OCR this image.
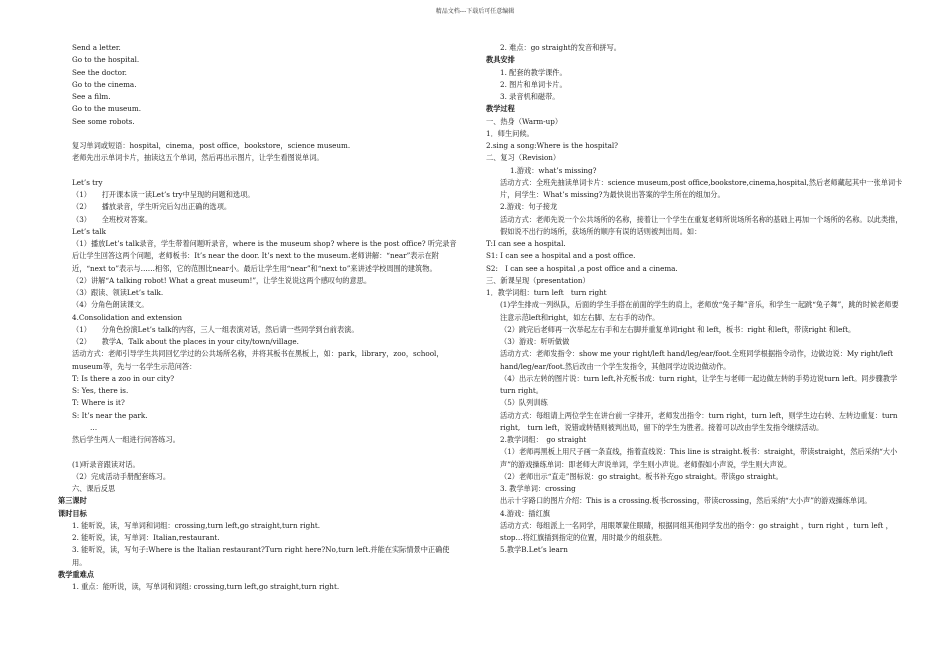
精品文档---下载后可任意编辑
Send a letter.
Go to the hospital.
See the doctor.
Go to the cinema.
See a film.
Go to the museum.
See some robots.
复习单词或短语：hospital，cinema，post office，bookstore，science museum.
老师先出示单词卡片，抽读这五个单词，然后再出示图片，让学生看图说单词。
Let’s try
（1）　　打开课本读一读Let’s try中呈现的问题和选项。
（2）　　播放录音，学生听完后勾出正确的选项。
（3）　　全班校对答案。
Let’s talk
（1）播放Let’s talk录音，学生带着问题听录音，where is the museum shop? where is the post office? 听完录音后让学生回答这两个问题，老师板书：It’s near the door. It’s next to the museum.老师讲解：“near”表示在附近，“next to”表示与……相邻，它的范围比near小。最后让学生用“near”和“next to”来讲述学校周围的建筑物。
（2）讲解“A talking robot! What a great museum!”，让学生说说这两个感叹句的意思。
（3）跟读、领读Let’s talk.
（4）分角色朗读课文。
4.Consolidation and extension
（1）　　分角色扮演Let’s talk的内容，三人一组表演对话，然后请一些同学到台前表演。
（2）　　教学A．Talk about the places in your city/town/village.
活动方式：老师引导学生共同回忆学过的公共场所名称，并将其板书在黑板上，如：park，library，zoo，school，museum等，先与一名学生示范问答：
T: Is there a zoo in our city?
S: Yes, there is.
T: Where is it?
S: It’s near the park.
…
然后学生两人一组进行问答练习。
(1)听录音跟读对话。
（2）完成活动手册配套练习。
六、课后反思
第三课时
课时目标
1. 能听说，读，写单词和词组：crossing,turn left,go straight,turn right.
2. 能听说，读，写单词：Italian,restaurant.
3. 能听说，读，写句子:Where is the Italian restaurant?Turn right here?No,turn left.并能在实际情景中正确使用。
教学重难点
1. 重点：能听说，读，写单词和词组: crossing,turn left,go straight,turn right.
2. 难点：go straight的发音和拼写。
教具安排
1. 配套的教学课件。
2. 图片和单词卡片。
3. 录音机和磁带。
教学过程
一、热身（Warm-up）
1．师生问候。
2.sing a song:Where is the hospital?
二、复习（Revision）
1.游戏：what’s missing?
活动方式：全班先抽读单词卡片：science museum,post office,bookstore,cinema,hospital,然后老师藏起其中一张单词卡片，问学生：What’s missing?为最快说出答案的学生所在的组加分。
2.游戏：句子接龙
活动方式：老师先说一个公共场所的名称，接着让一个学生在重复老师所说场所名称的基础上再加一个场所的名称。以此类推，假如说不出行的场所，获场所的顺序有误的话则被判出局。如：
T:I can see a hospital.
S1: I can see a hospital and a post office.
S2:　I can see a hospital ,a post office and a cinema.
三、新课呈现（presentation）
1．教学词组：turn left　turn right
(1)学生排成一列纵队，后面的学生手搭在前面的学生的肩上，老师放“兔子舞”音乐，和学生一起跳“兔子舞”，跳的时候老师要注意示范left和right，如左右脚、左右手的动作。
（2）跳完后老师再一次举起左右手和左右脚并重复单词right 和 left，板书：right 和left，带读right 和left。
（3）游戏：听听做做
活动方式：老师发指令：show me your right/left hand/leg/ear/foot.全班同学根据指令动作，边做边说：My right/left hand/leg/ear/foot.然后改由一个学生发指令，其他同学边说边做动作。
（4）出示左转的图片说：turn left,补充板书成：turn right，让学生与老师一起边做左转的手势边说turn left。同步骤教学turn right。
（5）队列训练
活动方式：每组请上两位学生在讲台前一字排开，老师发出指令：turn right，turn left，则学生边右转、左转边重复：turn right,　turn left，说错或转错则被判出局，留下的学生为胜者。接着可以改由学生发指令继续活动。
2.教学词组：　go straight
（1）老师再黑板上用尺子画一条直线，指着直线说：This line is straight.板书：straight，带读straight，然后采纳“大小声”的游戏操练单词：即老师大声说单词，学生则小声说。老师假如小声说，学生则大声说。
（2）老师出示“直走”图标说：go straight。板书补充go straight。带读go straight。
3. 教学单词：crossing
出示十字路口的图片介绍：This is a crossing.板书crossing，带读crossing，然后采纳“大小声”的游戏操练单词。
4.游戏：插红旗
活动方式：每组派上一名同学，用眼罩蒙住眼睛，根据同组其他同学发出的指令：go straight ，turn right ，turn left ，stop…将红旗插到指定的位置，用时最少的组获胜。
5.教学B.Let’s learn
